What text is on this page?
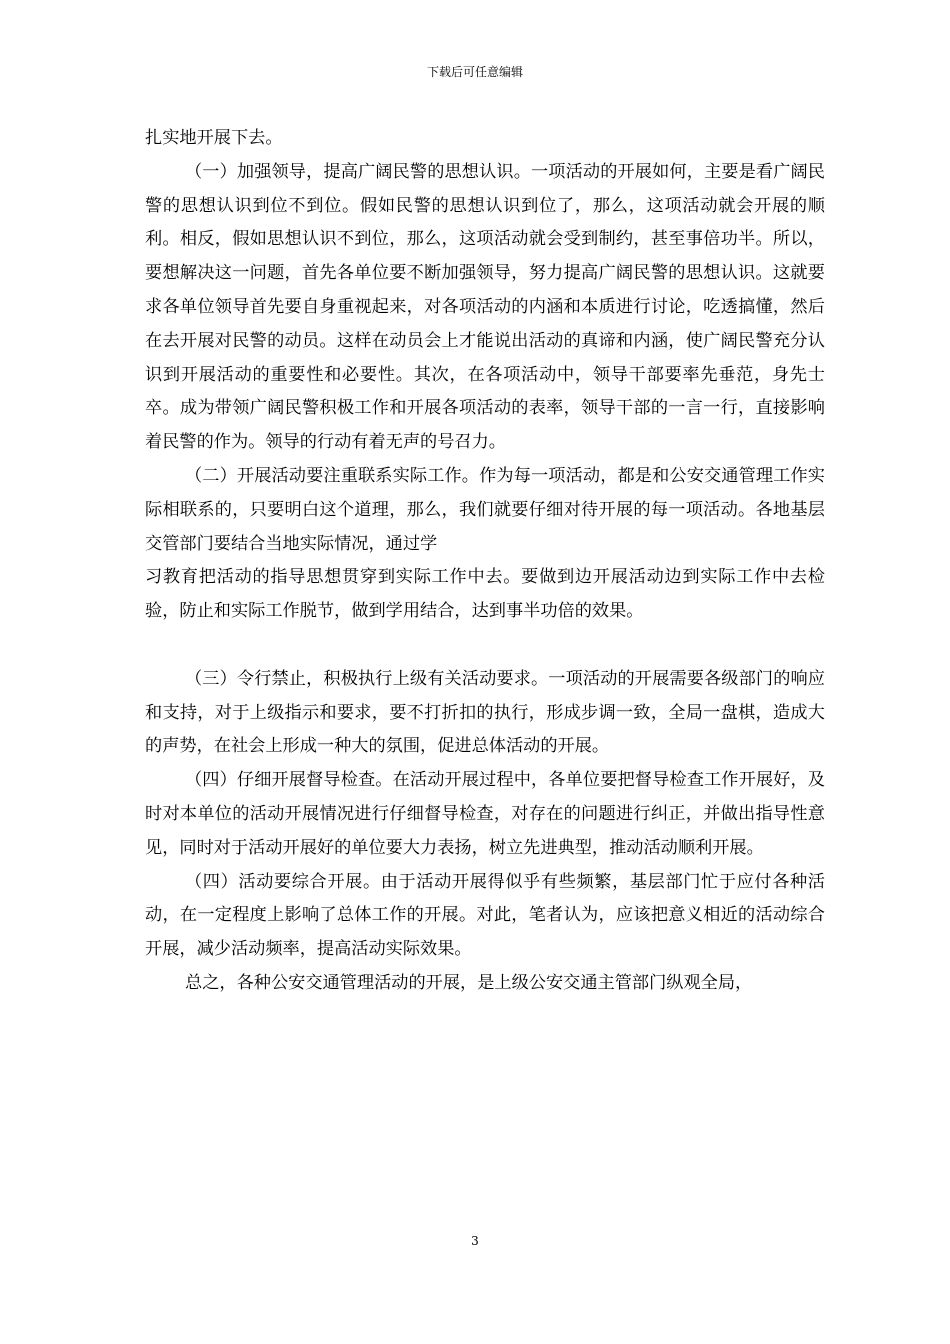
下载后可任意编辑

扎实地开展下去。

（一）加强领导，提高广阔民警的思想认识。一项活动的开展如何，主要是看广阔民警的思想认识到位不到位。假如民警的思想认识到位了，那么，这项活动就会开展的顺利。相反，假如思想认识不到位，那么，这项活动就会受到制约，甚至事倍功半。所以，要想解决这一问题，首先各单位要不断加强领导，努力提高广阔民警的思想认识。这就要求各单位领导首先要自身重视起来，对各项活动的内涵和本质进行讨论，吃透搞懂，然后在去开展对民警的动员。这样在动员会上才能说出活动的真谛和内涵，使广阔民警充分认识到开展活动的重要性和必要性。其次，在各项活动中，领导干部要率先垂范，身先士卒。成为带领广阔民警积极工作和开展各项活动的表率，领导干部的一言一行，直接影响着民警的作为。领导的行动有着无声的号召力。

（二）开展活动要注重联系实际工作。作为每一项活动，都是和公安交通管理工作实际相联系的，只要明白这个道理，那么，我们就要仔细对待开展的每一项活动。各地基层交管部门要结合当地实际情况，通过学

习教育把活动的指导思想贯穿到实际工作中去。要做到边开展活动边到实际工作中去检验，防止和实际工作脱节，做到学用结合，达到事半功倍的效果。

（三）令行禁止，积极执行上级有关活动要求。一项活动的开展需要各级部门的响应和支持，对于上级指示和要求，要不打折扣的执行，形成步调一致，全局一盘棋，造成大的声势，在社会上形成一种大的氛围，促进总体活动的开展。

（四）仔细开展督导检查。在活动开展过程中，各单位要把督导检查工作开展好，及时对本单位的活动开展情况进行仔细督导检查，对存在的问题进行纠正，并做出指导性意见，同时对于活动开展好的单位要大力表扬，树立先进典型，推动活动顺利开展。

（四）活动要综合开展。由于活动开展得似乎有些频繁，基层部门忙于应付各种活动，在一定程度上影响了总体工作的开展。对此，笔者认为，应该把意义相近的活动综合开展，减少活动频率，提高活动实际效果。

总之，各种公安交通管理活动的开展，是上级公安交通主管部门纵观全局，

3
